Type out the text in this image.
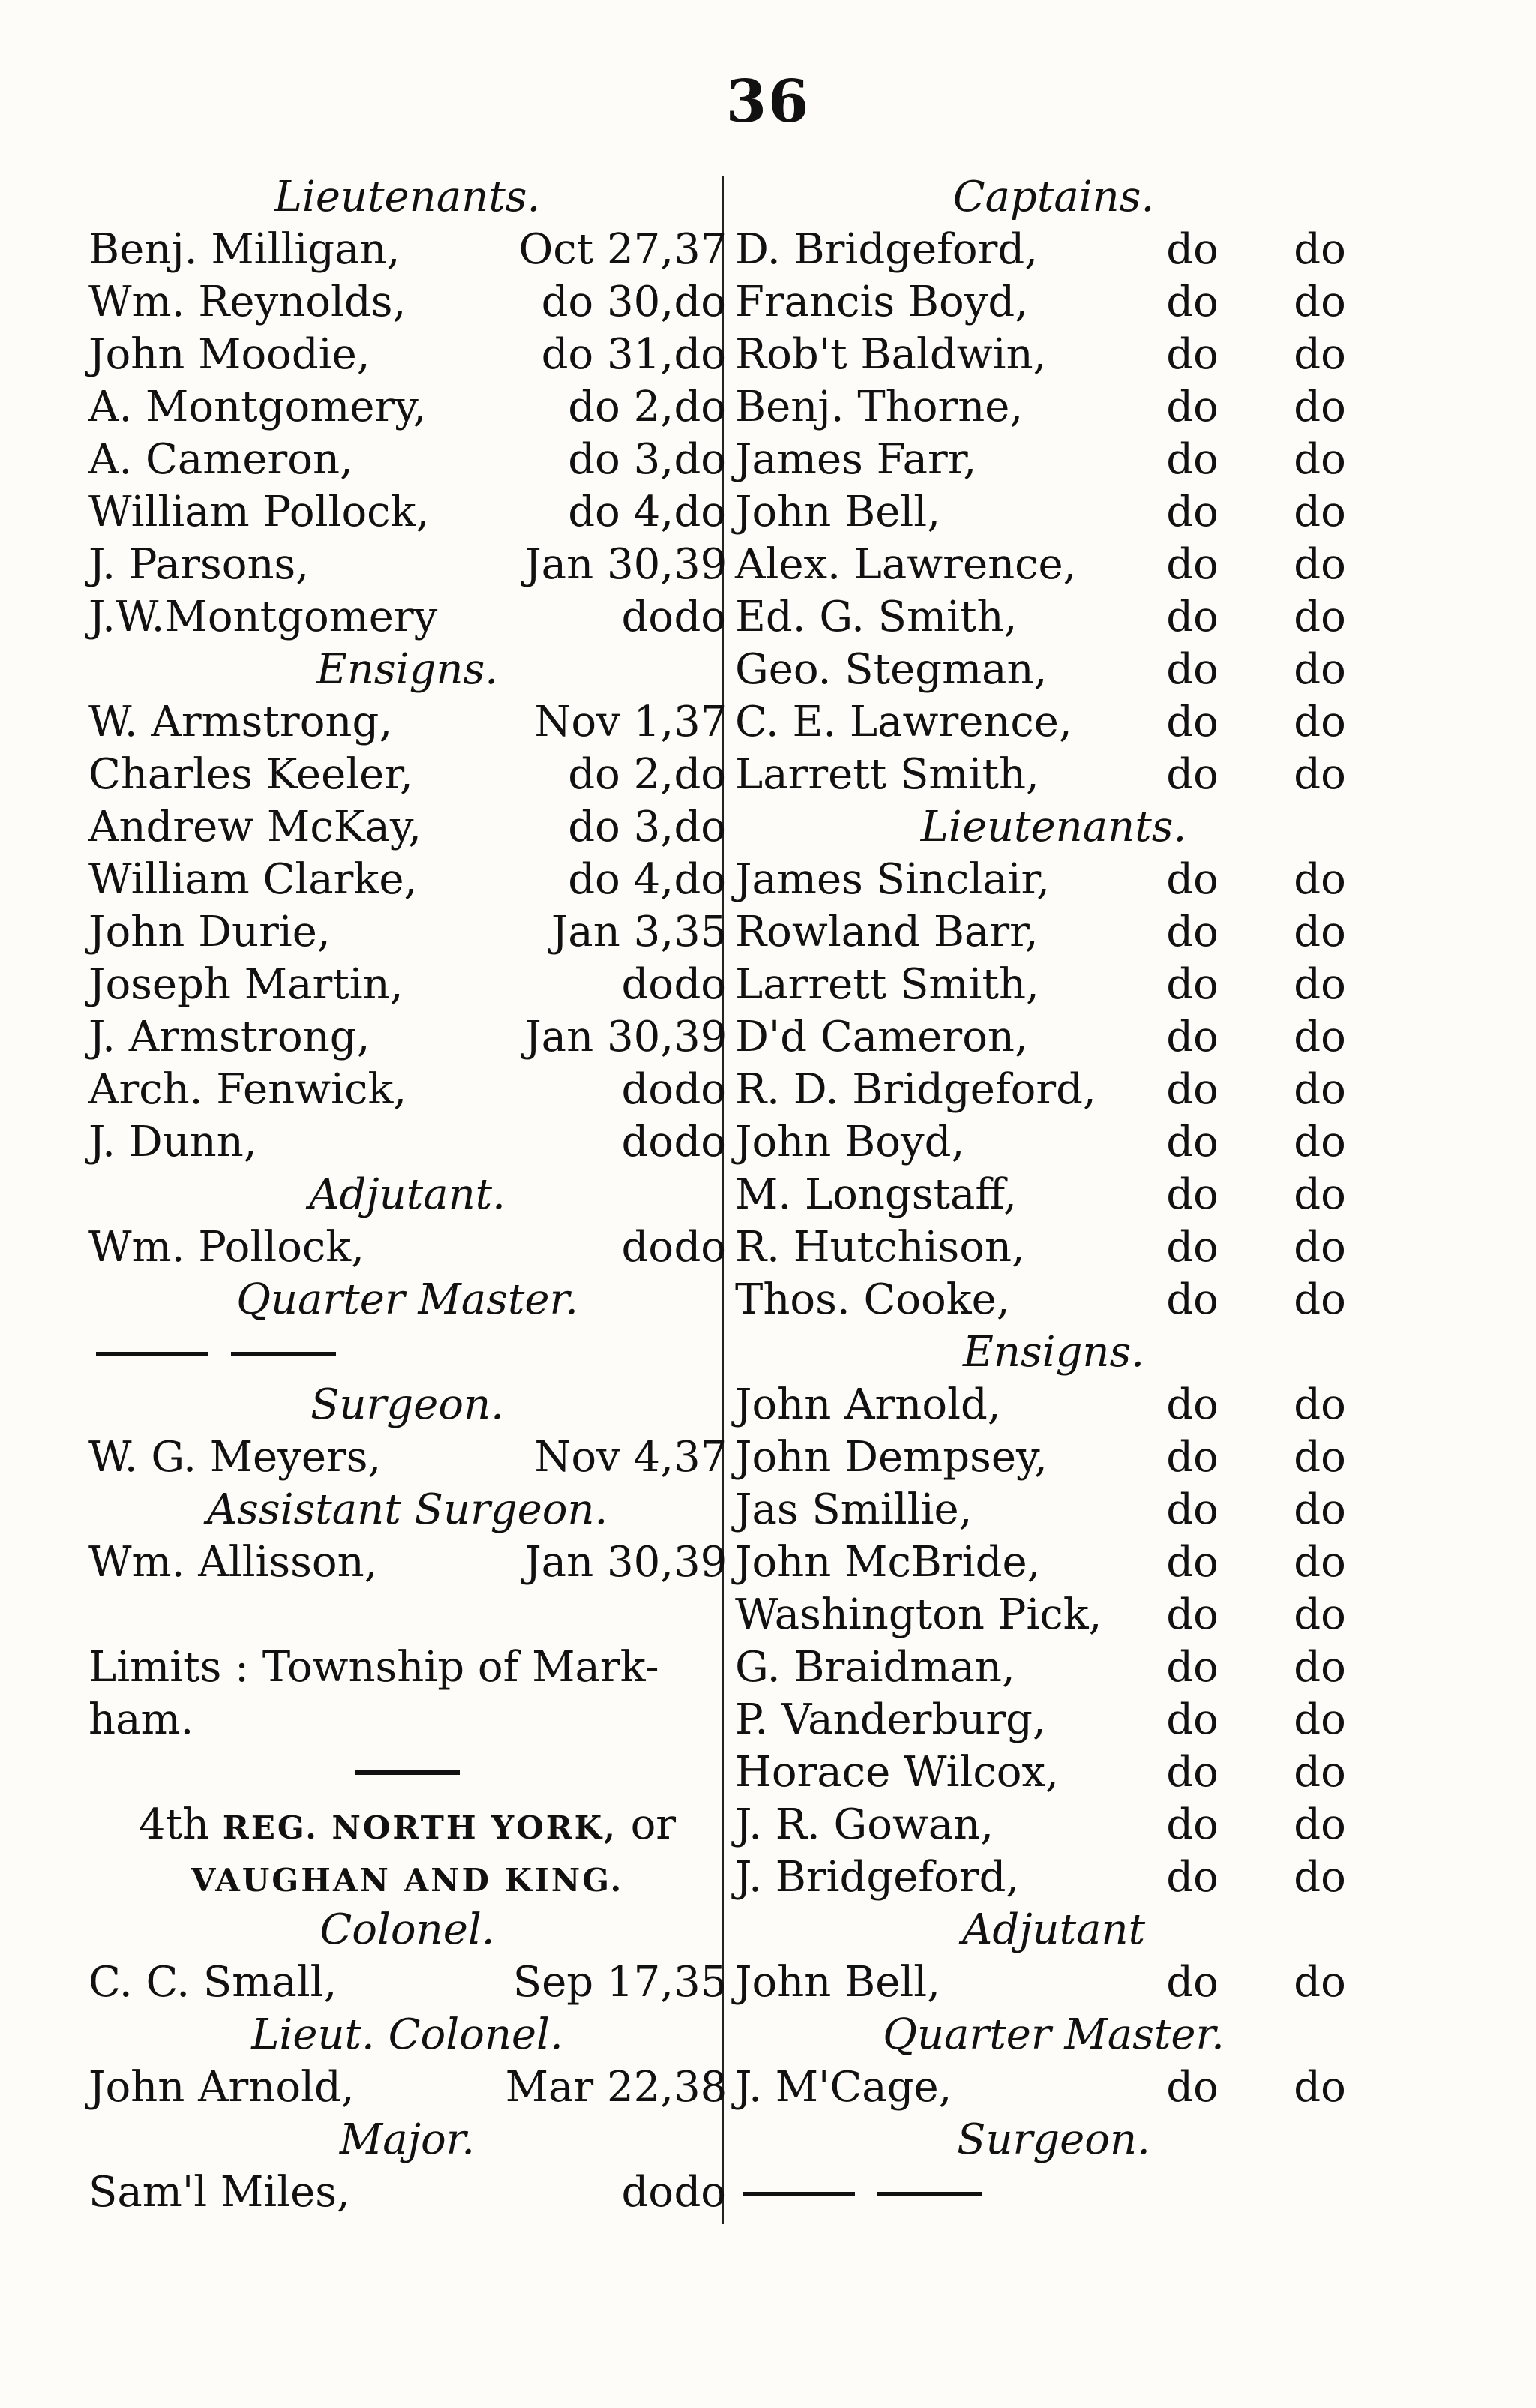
36
Lieutenants.
Benj. Milligan,	Oct 27, 37
Wm. Reynolds,	do 30, do
John Moodie,	do 31, do
A. Montgomery,	do 2, do
A. Cameron,	do 3, do
William Pollock,	do 4, do
J. Parsons,	Jan 30, 39
J.W.Montgomery	do do
Ensigns.
W. Armstrong,	Nov 1, 37
Charles Keeler,	do 2, do
Andrew McKay,	do 3, do
William Clarke,	do 4, do
John Durie,	Jan 3, 35
Joseph Martin,	do do
J. Armstrong,	Jan 30, 39
Arch. Fenwick,	do do
J. Dunn,	do do
Adjutant.
Wm. Pollock,	do do
Quarter Master.
Surgeon.
W. G. Meyers,	Nov 4, 37
Assistant Surgeon.
Wm. Allisson,	Jan 30, 39
Limits : Township of Mark-
ham.
4th REG. NORTH YORK, or
VAUGHAN AND KING.
Colonel.
C. C. Small,	Sep 17, 35
Lieut. Colonel.
John Arnold,	Mar 22, 38
Major.
Sam'l Miles,	do do
Captains.
D. Bridgeford,	do	do
Francis Boyd,	do	do
Rob't Baldwin,	do	do
Benj. Thorne,	do	do
James Farr,	do	do
John Bell,	do	do
Alex. Lawrence,	do	do
Ed. G. Smith,	do	do
Geo. Stegman,	do	do
C. E. Lawrence,	do	do
Larrett Smith,	do	do
Lieutenants.
James Sinclair,	do	do
Rowland Barr,	do	do
Larrett Smith,	do	do
D'd Cameron,	do	do
R. D. Bridgeford,	do	do
John Boyd,	do	do
M. Longstaff,	do	do
R. Hutchison,	do	do
Thos. Cooke,	do	do
Ensigns.
John Arnold,	do	do
John Dempsey,	do	do
Jas Smillie,	do	do
John McBride,	do	do
Washington Pick,	do	do
G. Braidman,	do	do
P. Vanderburg,	do	do
Horace Wilcox,	do	do
J. R. Gowan,	do	do
J. Bridgeford,	do	do
Adjutant
John Bell,	do	do
Quarter Master.
J. M'Cage,	do	do
Surgeon.
